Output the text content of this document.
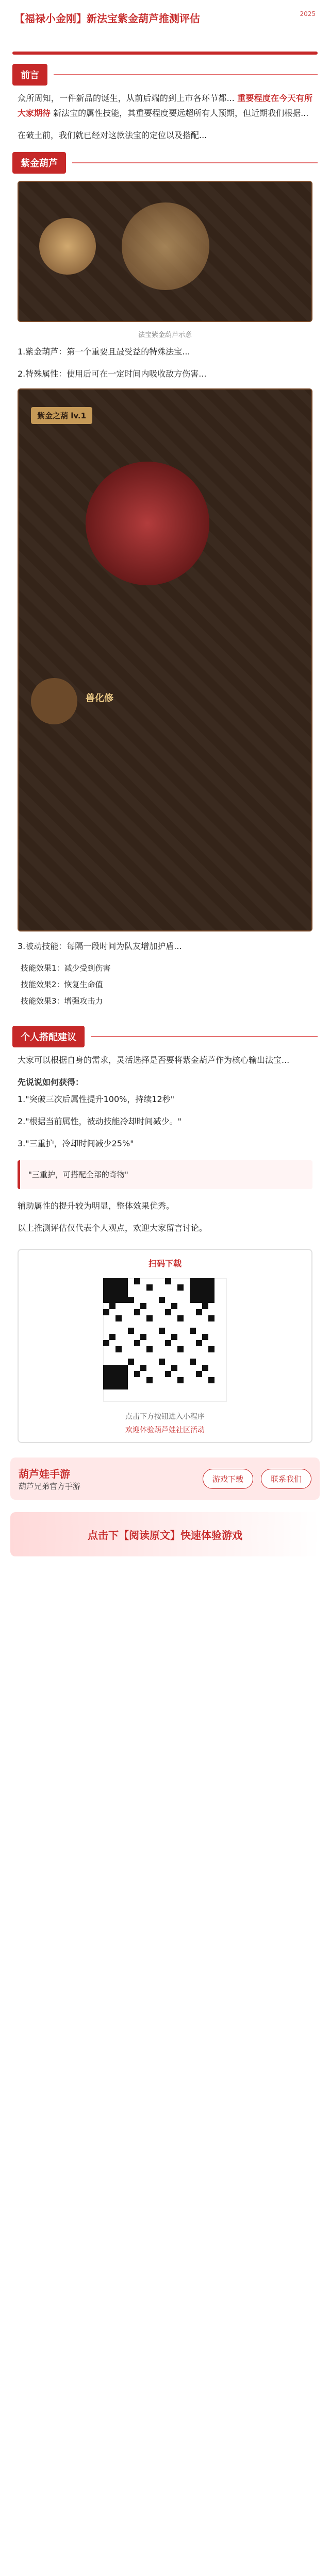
【福禄小金刚】新法宝紫金葫芦推测评估	2025
前言

众所周知，一件新品的诞生，从前后端的到上市各环节都... 重要程度在今天有所大家期待 新法宝的属性技能，其重要程度要远超所有人预期，但近期我们根据...

在破土前，我们就已经对这款法宝的定位以及搭配...

紫金葫芦
法宝紫金葫芦示意

1.紫金葫芦：第一个重要且最受益的特殊法宝...

2.特殊属性：使用后可在一定时间内吸收敌方伤害...

紫金之葫 lv.1
兽化修

3.被动技能：每隔一段时间为队友增加护盾...

技能效果1：减少受到伤害
技能效果2：恢复生命值
技能效果3：增强攻击力
个人搭配建议

大家可以根据自身的需求，灵活选择是否要将紫金葫芦作为核心输出法宝...

先说说如何获得：

1."突破三次后属性提升100%，持续12秒"

2."根据当前属性，被动技能冷却时间减少。"

3."三重护，冷却时间减少25%"

"三重护，可搭配全部的奇物"

辅助属性的提升较为明显，整体效果优秀。

以上推测评估仅代表个人观点，欢迎大家留言讨论。

扫码下载
点击下方按钮进入小程序
欢迎体验葫芦娃社区活动
葫芦娃手游
葫芦兄弟官方手游
游戏下载	联系我们
点击下【阅读原文】快速体验游戏
